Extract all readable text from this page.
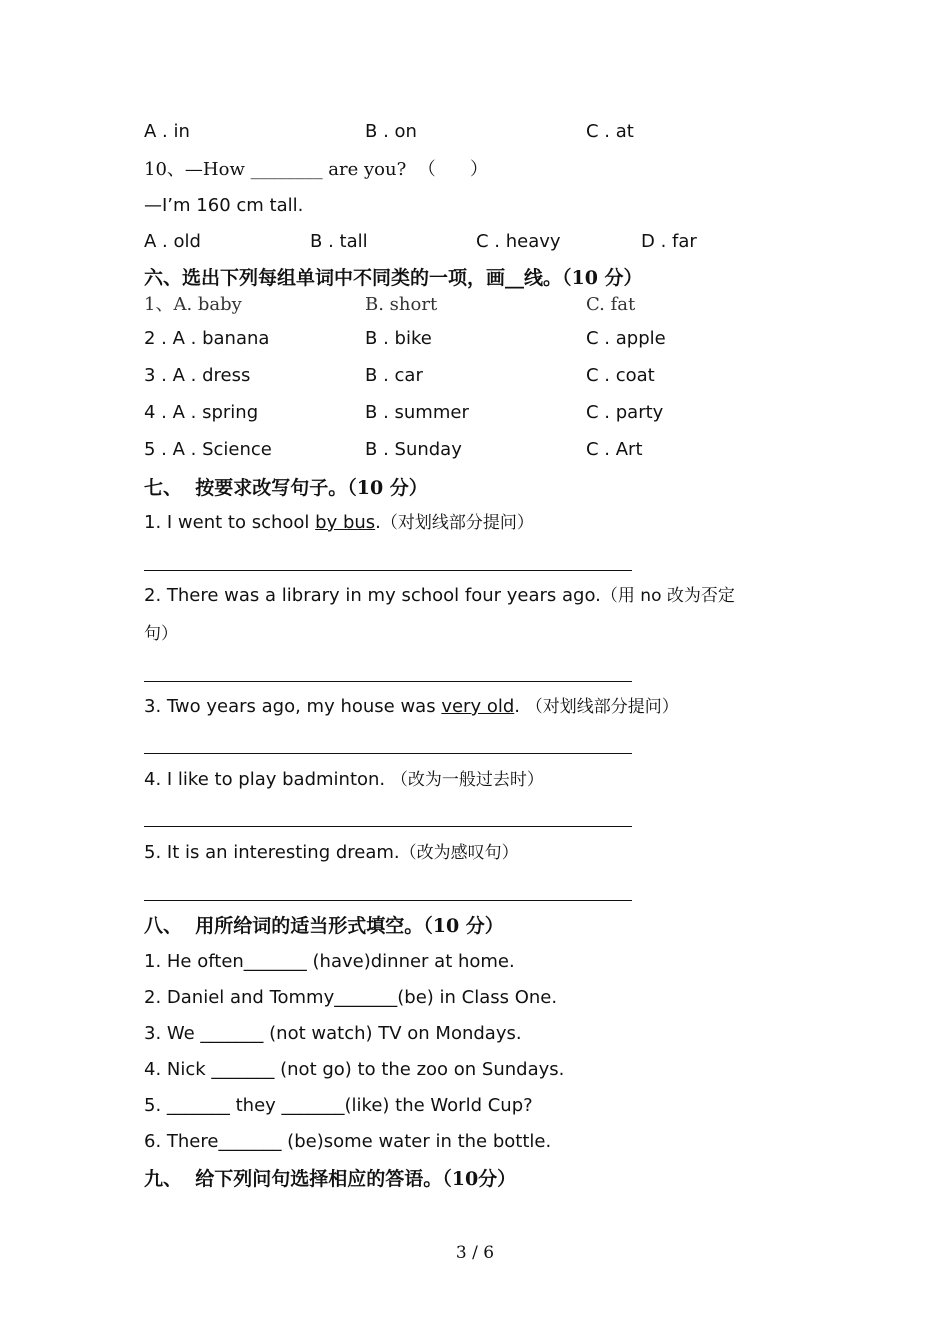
A . in	B . on	C . at
10、—How ________ are you?  （      ）
—I’m 160 cm tall.
A . old	B . tall	C . heavy	D . far
六、选出下列每组单词中不同类的一项，画__线。（10 分）
1、A. baby	B. short	C. fat
2 . A . banana	B . bike	C . apple
3 . A . dress	B . car	C . coat
4 . A . spring	B . summer	C . party
5 . A . Science	B . Sunday	C . Art
七、  按要求改写句子。（10 分）
1. I went to school by bus.（对划线部分提问）
2. There was a library in my school four years ago.（用 no 改为否定
句）
3. Two years ago, my house was very old. （对划线部分提问）
4. I like to play badminton. （改为一般过去时）
5. It is an interesting dream.（改为感叹句）
八、  用所给词的适当形式填空。（10 分）
1. He often_______ (have)dinner at home.
2. Daniel and Tommy_______(be) in Class One.
3. We _______ (not watch) TV on Mondays.
4. Nick _______ (not go) to the zoo on Sundays.
5. _______ they _______(like) the World Cup?
6. There_______ (be)some water in the bottle.
九、  给下列问句选择相应的答语。（10分）
3 / 6
